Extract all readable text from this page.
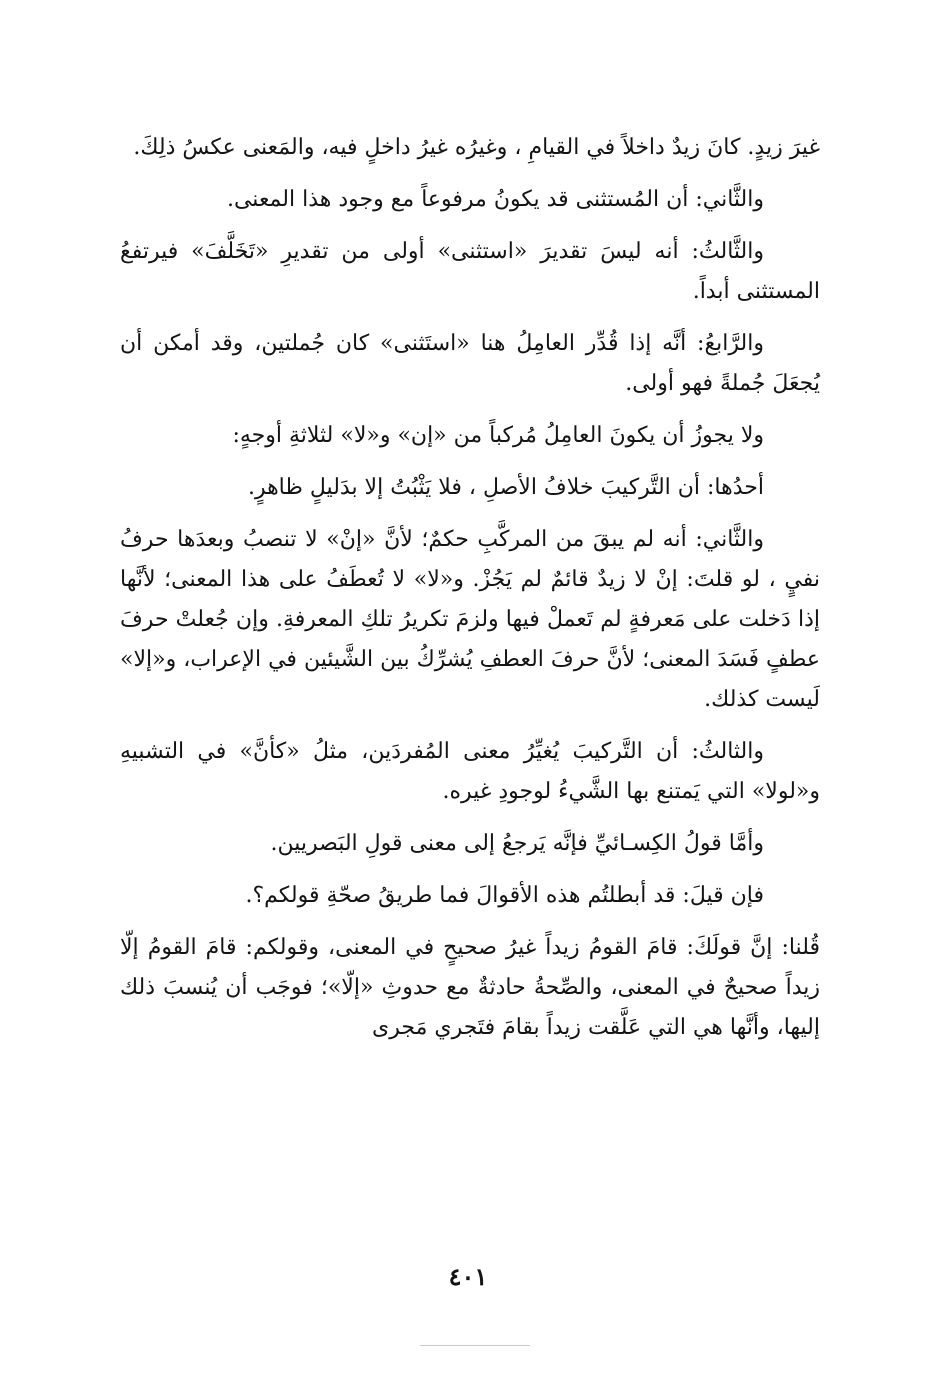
غيرَ زيدٍ. كانَ زيدٌ داخلاً في القيامِ ، وغيرُه غيرُ داخلٍ فيه، والمَعنى عكسُ ذلِكَ.

والثَّاني: أن المُستثنى قد يكونُ مرفوعاً مع وجود هذا المعنى.

والثَّالثُ: أنه ليسَ تقديرَ «استثنى» أولى من تقديرِ «تَخَلَّفَ» فيرتفعُ المستثنى أبداً.

والرَّابعُ: أنَّه إذا قُدِّر العامِلُ هنا «استَثنى» كان جُملتين، وقد أمكن أن يُجعَلَ جُملةً فهو أولى.

ولا يجوزُ أن يكونَ العامِلُ مُركباً من «إن» و«لا» لثلاثةِ أوجهٍ:

أحدُها: أن التَّركيبَ خلافُ الأصلِ ، فلا يَثْبُتُ إلا بدَليلٍ ظاهرٍ.

والثَّاني: أنه لم يبقَ من المركَّبِ حكمٌ؛ لأنَّ «إنْ» لا تنصبُ وبعدَها حرفُ نفيٍ ، لو قلتَ: إنْ لا زيدٌ قائمٌ لم يَجُزْ. و«لا» لا تُعطَفُ على هذا المعنى؛ لأنَّها إذا دَخلت على مَعرفةٍ لم تَعملْ فيها ولزمَ تكريرُ تلكِ المعرفةِ. وإن جُعلتْ حرفَ عطفٍ فَسَدَ المعنى؛ لأنَّ حرفَ العطفِ يُشرِّكُ بين الشَّيئين في الإعراب، و«إلا» لَيست كذلك.

والثالثُ: أن التَّركيبَ يُغيِّرُ معنى المُفردَين، مثلُ «كأنَّ» في التشبيهِ و«لولا» التي يَمتنع بها الشَّيءُ لوجودِ غيره.

وأمَّا قولُ الكِسـائيِّ فإنَّه يَرجعُ إلى معنى قولِ البَصريين.

فإن قيلَ: قد أبطلتُم هذه الأقوالَ فما طريقُ صحّةِ قولكم؟.

قُلنا: إنَّ قولَكَ: قامَ القومُ زيداً غيرُ صحيحٍ في المعنى، وقولكم: قامَ القومُ إلّا زيداً صحيحٌ في المعنى، والصِّحةُ حادثةٌ مع حدوثِ «إلّا»؛ فوجَب أن يُنسبَ ذلك إليها، وأنَّها هي التي عَلَّقت زيداً بقامَ فتَجري مَجرى

٤٠١
